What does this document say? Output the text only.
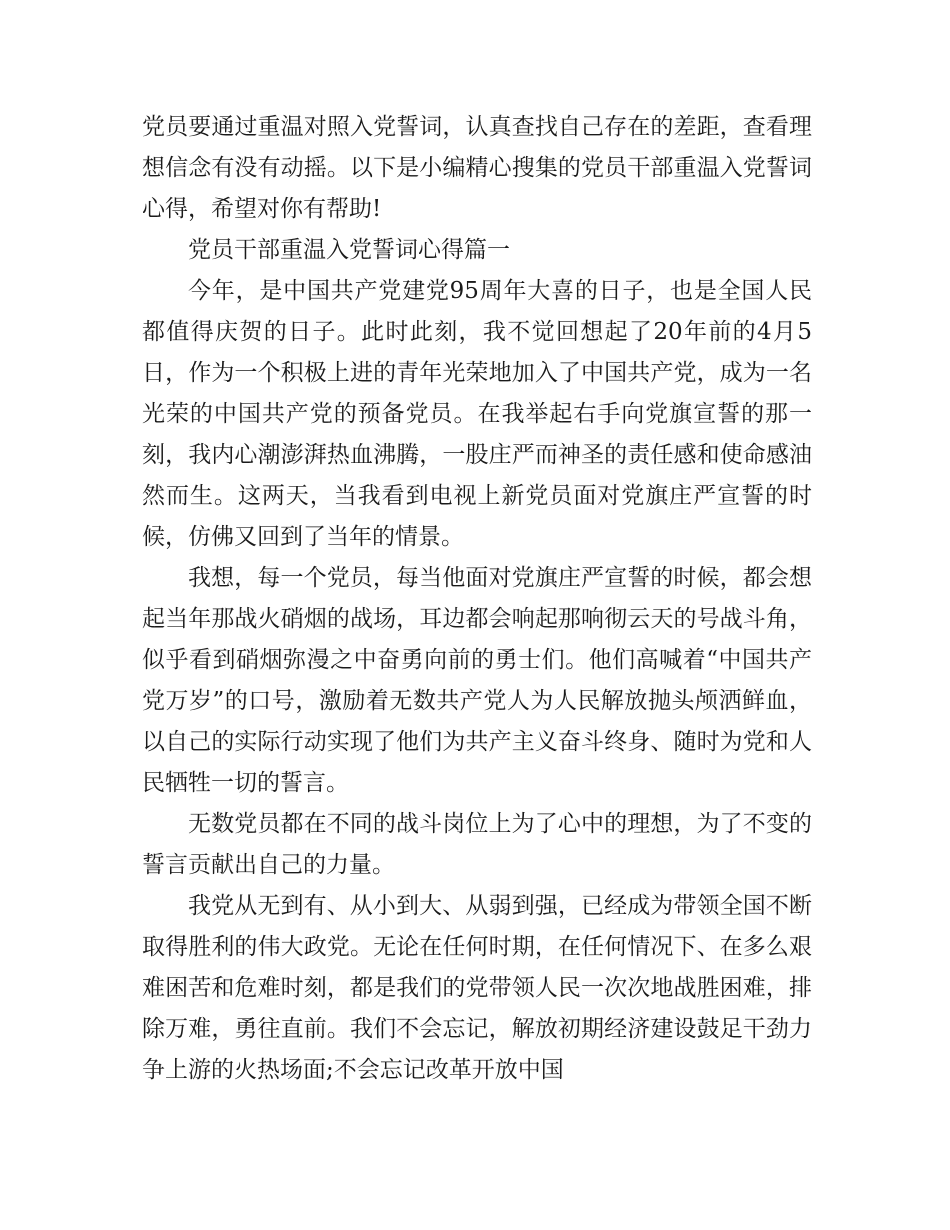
党员要通过重温对照入党誓词，认真查找自己存在的差距，查看理想信念有没有动摇。以下是小编精心搜集的党员干部重温入党誓词心得，希望对你有帮助!

党员干部重温入党誓词心得篇一

今年，是中国共产党建党95周年大喜的日子，也是全国人民都值得庆贺的日子。此时此刻，我不觉回想起了20年前的4月5日，作为一个积极上进的青年光荣地加入了中国共产党，成为一名光荣的中国共产党的预备党员。在我举起右手向党旗宣誓的那一刻，我内心潮澎湃热血沸腾，一股庄严而神圣的责任感和使命感油然而生。这两天，当我看到电视上新党员面对党旗庄严宣誓的时候，仿佛又回到了当年的情景。

我想，每一个党员，每当他面对党旗庄严宣誓的时候，都会想起当年那战火硝烟的战场，耳边都会响起那响彻云天的号战斗角，似乎看到硝烟弥漫之中奋勇向前的勇士们。他们高喊着“中国共产党万岁”的口号，激励着无数共产党人为人民解放抛头颅洒鲜血，以自己的实际行动实现了他们为共产主义奋斗终身、随时为党和人民牺牲一切的誓言。

无数党员都在不同的战斗岗位上为了心中的理想，为了不变的誓言贡献出自己的力量。

我党从无到有、从小到大、从弱到强，已经成为带领全国不断取得胜利的伟大政党。无论在任何时期，在任何情况下、在多么艰难困苦和危难时刻，都是我们的党带领人民一次次地战胜困难，排除万难，勇往直前。我们不会忘记，解放初期经济建设鼓足干劲力争上游的火热场面;不会忘记改革开放中国
